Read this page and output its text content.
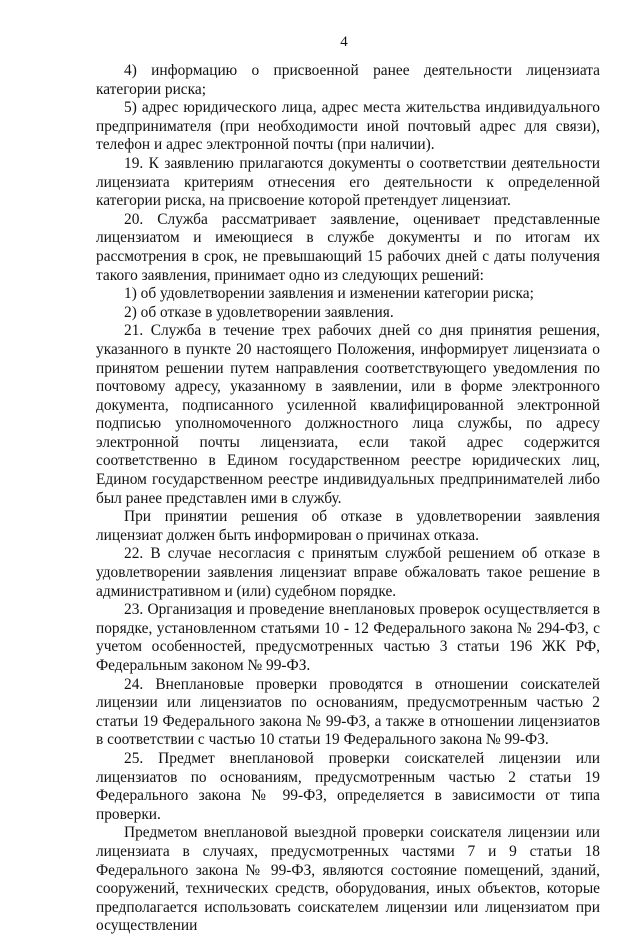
4

4) информацию о присвоенной ранее деятельности лицензиата категории риска;

5) адрес юридического лица, адрес места жительства индивидуального предпринимателя (при необходимости иной почтовый адрес для связи), телефон и адрес электронной почты (при наличии).

19. К заявлению прилагаются документы о соответствии деятельности лицензиата критериям отнесения его деятельности к определенной категории риска, на присвоение которой претендует лицензиат.

20. Служба рассматривает заявление, оценивает представленные лицензиатом и имеющиеся в службе документы и по итогам их рассмотрения в срок, не превышающий 15 рабочих дней с даты получения такого заявления, принимает одно из следующих решений:

1) об удовлетворении заявления и изменении категории риска;

2) об отказе в удовлетворении заявления.

21. Служба в течение трех рабочих дней со дня принятия решения, указанного в пункте 20 настоящего Положения, информирует лицензиата о принятом решении путем направления соответствующего уведомления по почтовому адресу, указанному в заявлении, или в форме электронного документа, подписанного усиленной квалифицированной электронной подписью уполномоченного должностного лица службы, по адресу электронной почты лицензиата, если такой адрес содержится соответственно в Едином государственном реестре юридических лиц, Едином государственном реестре индивидуальных предпринимателей либо был ранее представлен ими в службу.

При принятии решения об отказе в удовлетворении заявления лицензиат должен быть информирован о причинах отказа.

22. В случае несогласия с принятым службой решением об отказе в удовлетворении заявления лицензиат вправе обжаловать такое решение в административном и (или) судебном порядке.

23. Организация и проведение внеплановых проверок осуществляется в порядке, установленном статьями 10 - 12 Федерального закона № 294-ФЗ, с учетом особенностей, предусмотренных частью 3 статьи 196 ЖК РФ, Федеральным законом № 99-ФЗ.

24. Внеплановые проверки проводятся в отношении соискателей лицензии или лицензиатов по основаниям, предусмотренным частью 2 статьи 19 Федерального закона № 99-ФЗ, а также в отношении лицензиатов в соответствии с частью 10 статьи 19 Федерального закона № 99-ФЗ.

25. Предмет внеплановой проверки соискателей лицензии или лицензиатов по основаниям, предусмотренным частью 2 статьи 19 Федерального закона № 99-ФЗ, определяется в зависимости от типа проверки.

Предметом внеплановой выездной проверки соискателя лицензии или лицензиата в случаях, предусмотренных частями 7 и 9 статьи 18 Федерального закона № 99-ФЗ, являются состояние помещений, зданий, сооружений, технических средств, оборудования, иных объектов, которые предполагается использовать соискателем лицензии или лицензиатом при осуществлении
